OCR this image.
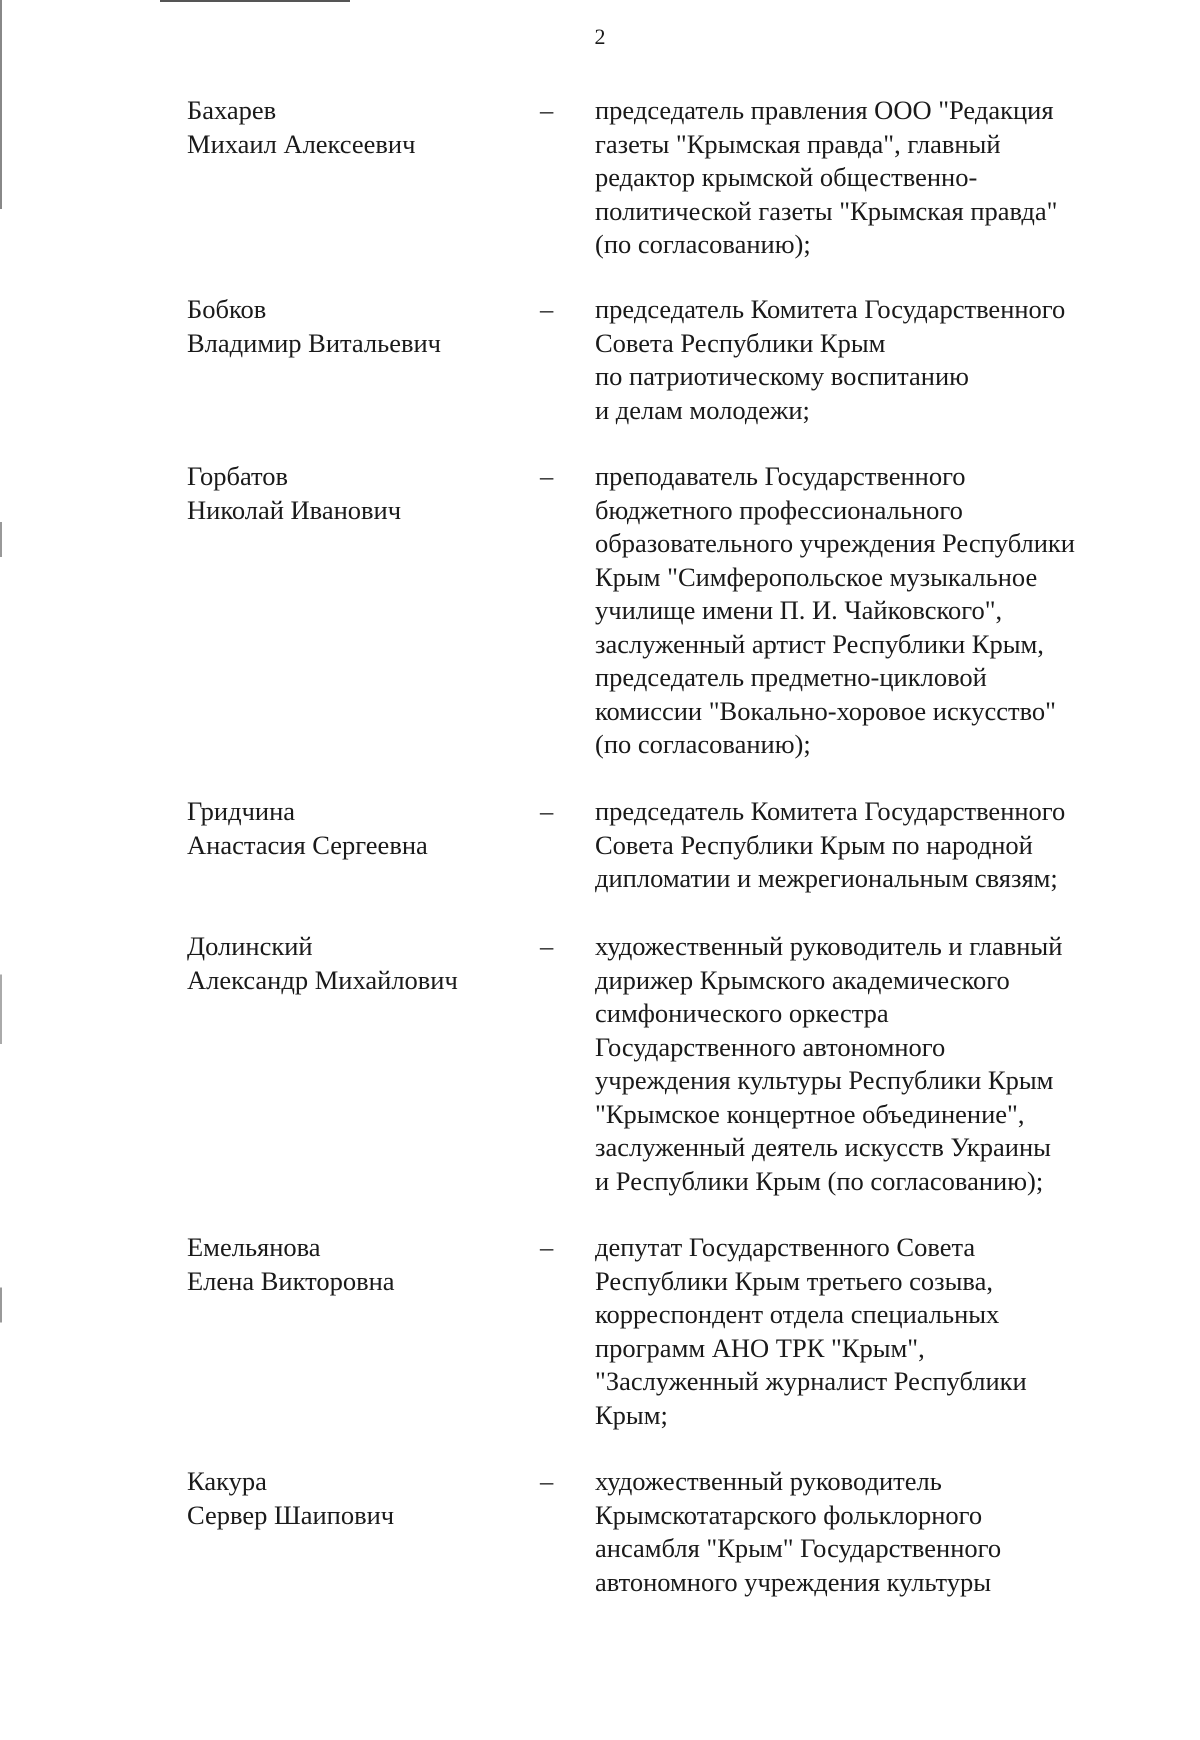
2
Бахарев
Михаил Алексеевич
– председатель правления ООО "Редакция
газеты "Крымская правда", главный
редактор крымской общественно-
политической газеты "Крымская правда"
(по согласованию);
Бобков
Владимир Витальевич
– председатель Комитета Государственного
Совета Республики Крым
по патриотическому воспитанию
и делам молодежи;
Горбатов
Николай Иванович
– преподаватель Государственного
бюджетного профессионального
образовательного учреждения Республики
Крым "Симферопольское музыкальное
училище имени П. И. Чайковского",
заслуженный артист Республики Крым,
председатель предметно-цикловой
комиссии "Вокально-хоровое искусство"
(по согласованию);
Гридчина
Анастасия Сергеевна
– председатель Комитета Государственного
Совета Республики Крым по народной
дипломатии и межрегиональным связям;
Долинский
Александр Михайлович
– художественный руководитель и главный
дирижер Крымского академического
симфонического оркестра
Государственного автономного
учреждения культуры Республики Крым
"Крымское концертное объединение",
заслуженный деятель искусств Украины
и Республики Крым (по согласованию);
Емельянова
Елена Викторовна
– депутат Государственного Совета
Республики Крым третьего созыва,
корреспондент отдела специальных
программ АНО ТРК "Крым",
"Заслуженный журналист Республики
Крым;
Какура
Сервер Шаипович
– художественный руководитель
Крымскотатарского фольклорного
ансамбля "Крым" Государственного
автономного учреждения культуры
